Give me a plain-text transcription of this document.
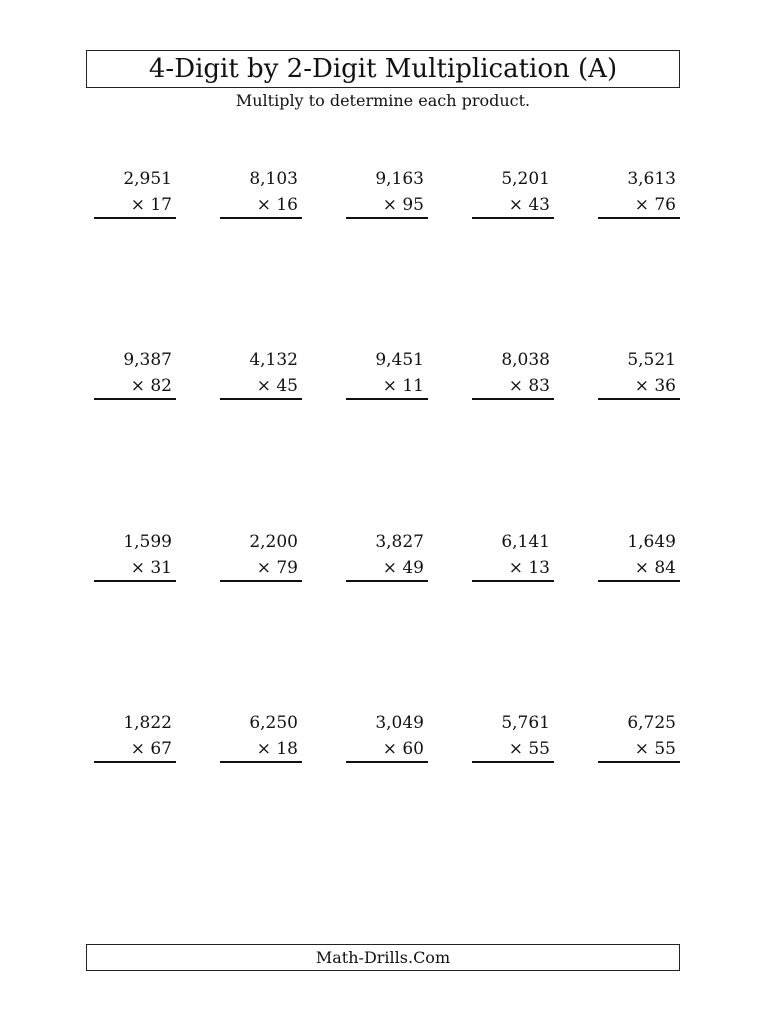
4-Digit by 2-Digit Multiplication (A)
Multiply to determine each product.
2,951
× 17
8,103
× 16
9,163
× 95
5,201
× 43
3,613
× 76
9,387
× 82
4,132
× 45
9,451
× 11
8,038
× 83
5,521
× 36
1,599
× 31
2,200
× 79
3,827
× 49
6,141
× 13
1,649
× 84
1,822
× 67
6,250
× 18
3,049
× 60
5,761
× 55
6,725
× 55
Math-Drills.Com
